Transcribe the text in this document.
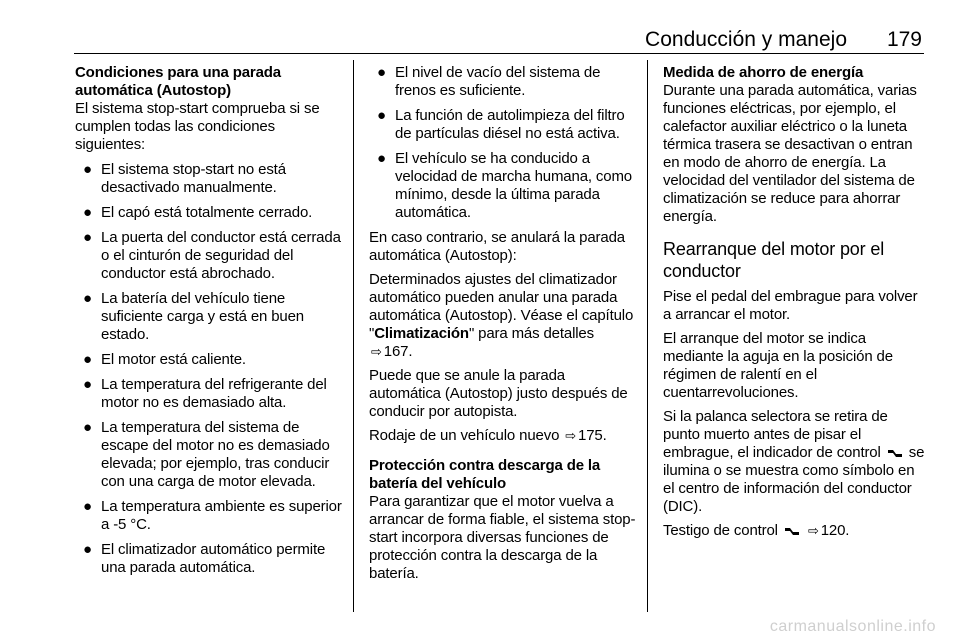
Conducción y manejo 179

Condiciones para una parada automática (Autostop)

El sistema stop-start comprueba si se cumplen todas las condiciones siguientes:

● El sistema stop-start no está desactivado manualmente.
● El capó está totalmente cerrado.
● La puerta del conductor está cerrada o el cinturón de seguridad del conductor está abrochado.
● La batería del vehículo tiene suficiente carga y está en buen estado.
● El motor está caliente.
● La temperatura del refrigerante del motor no es demasiado alta.
● La temperatura del sistema de escape del motor no es demasiado elevada; por ejemplo, tras conducir con una carga de motor elevada.
● La temperatura ambiente es superior a -5 °C.
● El climatizador automático permite una parada automática.
● El nivel de vacío del sistema de frenos es suficiente.
● La función de autolimpieza del filtro de partículas diésel no está activa.
● El vehículo se ha conducido a velocidad de marcha humana, como mínimo, desde la última parada automática.

En caso contrario, se anulará la parada automática (Autostop):

Determinados ajustes del climatizador automático pueden anular una parada automática (Autostop). Véase el capítulo "Climatización" para más detalles ⇨ 167.

Puede que se anule la parada automática (Autostop) justo después de conducir por autopista.

Rodaje de un vehículo nuevo ⇨ 175.

Protección contra descarga de la batería del vehículo

Para garantizar que el motor vuelva a arrancar de forma fiable, el sistema stop-start incorpora diversas funciones de protección contra la descarga de la batería.

Medida de ahorro de energía

Durante una parada automática, varias funciones eléctricas, por ejemplo, el calefactor auxiliar eléctrico o la luneta térmica trasera se desactivan o entran en modo de ahorro de energía. La velocidad del ventilador del sistema de climatización se reduce para ahorrar energía.

Rearranque del motor por el conductor

Pise el pedal del embrague para volver a arrancar el motor.

El arranque del motor se indica mediante la aguja en la posición de régimen de ralentí en el cuentarrevoluciones.

Si la palanca selectora se retira de punto muerto antes de pisar el embrague, el indicador de control se ilumina o se muestra como símbolo en el centro de información del conductor (DIC).

Testigo de control ⇨ 120.

carmanualsonline.info
